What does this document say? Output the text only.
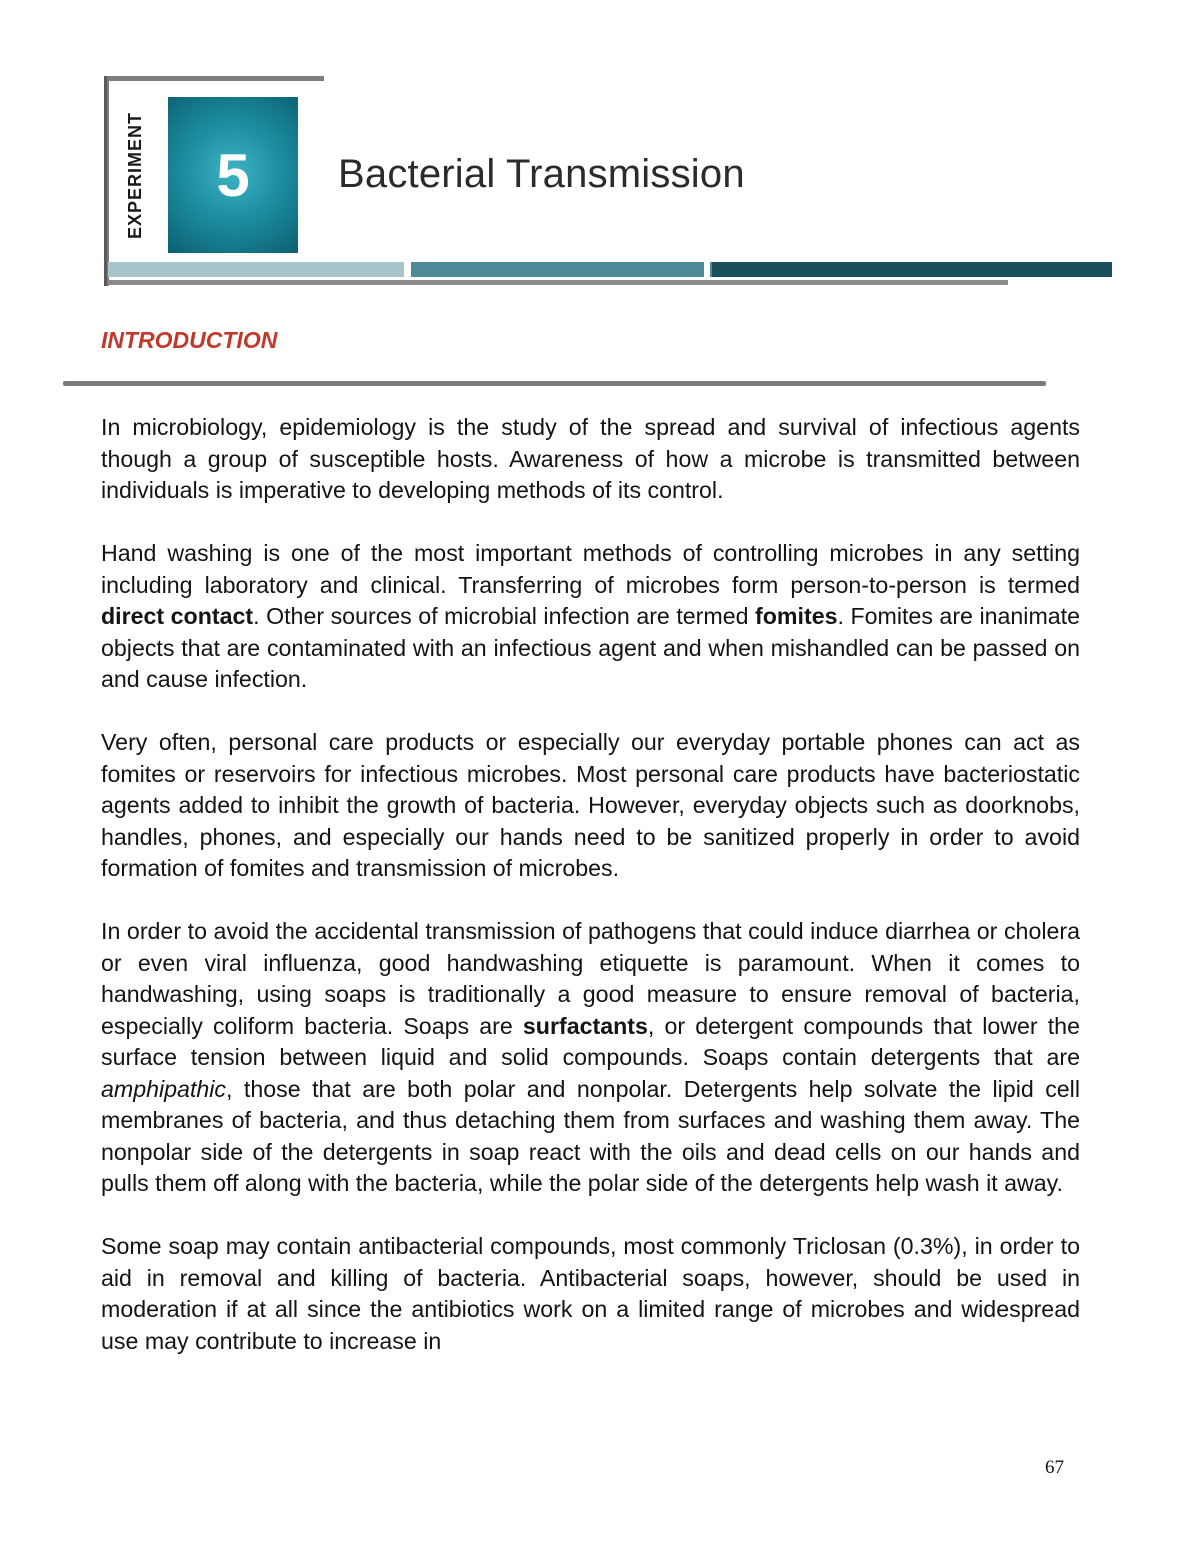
EXPERIMENT 5 Bacterial Transmission
INTRODUCTION

In microbiology, epidemiology is the study of the spread and survival of infectious agents though a group of susceptible hosts. Awareness of how a microbe is transmitted between individuals is imperative to developing methods of its control.

Hand washing is one of the most important methods of controlling microbes in any setting including laboratory and clinical. Transferring of microbes form person-to-person is termed direct contact. Other sources of microbial infection are termed fomites. Fomites are inanimate objects that are contaminated with an infectious agent and when mishandled can be passed on and cause infection.

Very often, personal care products or especially our everyday portable phones can act as fomites or reservoirs for infectious microbes. Most personal care products have bacteriostatic agents added to inhibit the growth of bacteria. However, everyday objects such as doorknobs, handles, phones, and especially our hands need to be sanitized properly in order to avoid formation of fomites and transmission of microbes.

In order to avoid the accidental transmission of pathogens that could induce diarrhea or cholera or even viral influenza, good handwashing etiquette is paramount. When it comes to handwashing, using soaps is traditionally a good measure to ensure removal of bacteria, especially coliform bacteria. Soaps are surfactants, or detergent compounds that lower the surface tension between liquid and solid compounds. Soaps contain detergents that are amphipathic, those that are both polar and nonpolar. Detergents help solvate the lipid cell membranes of bacteria, and thus detaching them from surfaces and washing them away. The nonpolar side of the detergents in soap react with the oils and dead cells on our hands and pulls them off along with the bacteria, while the polar side of the detergents help wash it away.

Some soap may contain antibacterial compounds, most commonly Triclosan (0.3%), in order to aid in removal and killing of bacteria. Antibacterial soaps, however, should be used in moderation if at all since the antibiotics work on a limited range of microbes and widespread use may contribute to increase in

67
